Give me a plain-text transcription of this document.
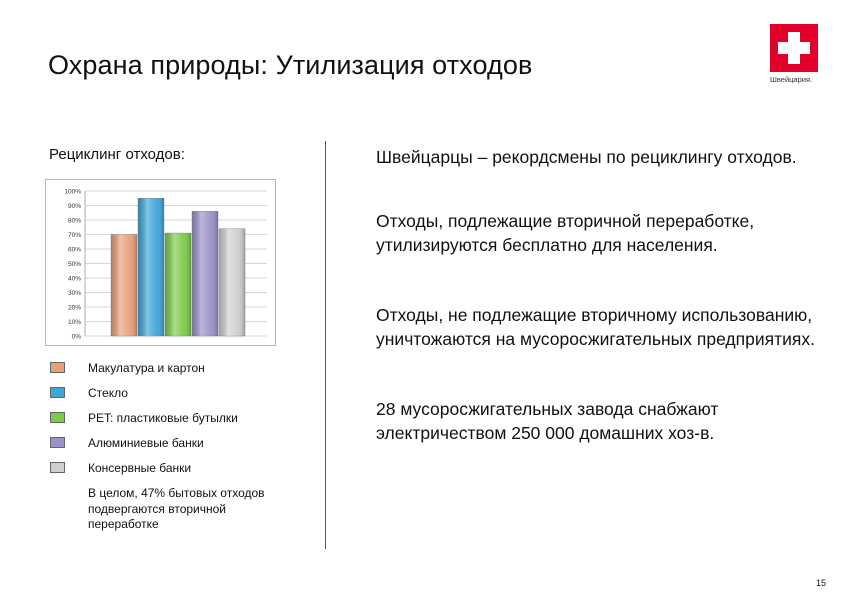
Охрана природы: Утилизация отходов	Швейцария.
Рециклинг отходов:
0%
10%
20%
30%
40%
50%
60%
70%
80%
90%
100%
Макулатура и картон
Стекло
PET: пластиковые бутылки
Алюминиевые банки
Консервные банки
В целом, 47% бытовых отходов подвергаются вторичной переработке
Швейцарцы – рекордсмены по рециклингу отходов.
Отходы, подлежащие вторичной переработке, утилизируются бесплатно для населения.
Отходы, не подлежащие вторичному использованию, уничтожаются на мусоросжигательных предприятиях.
28 мусоросжигательных завода снабжают электричеством 250 000 домашних хоз-в.
15
